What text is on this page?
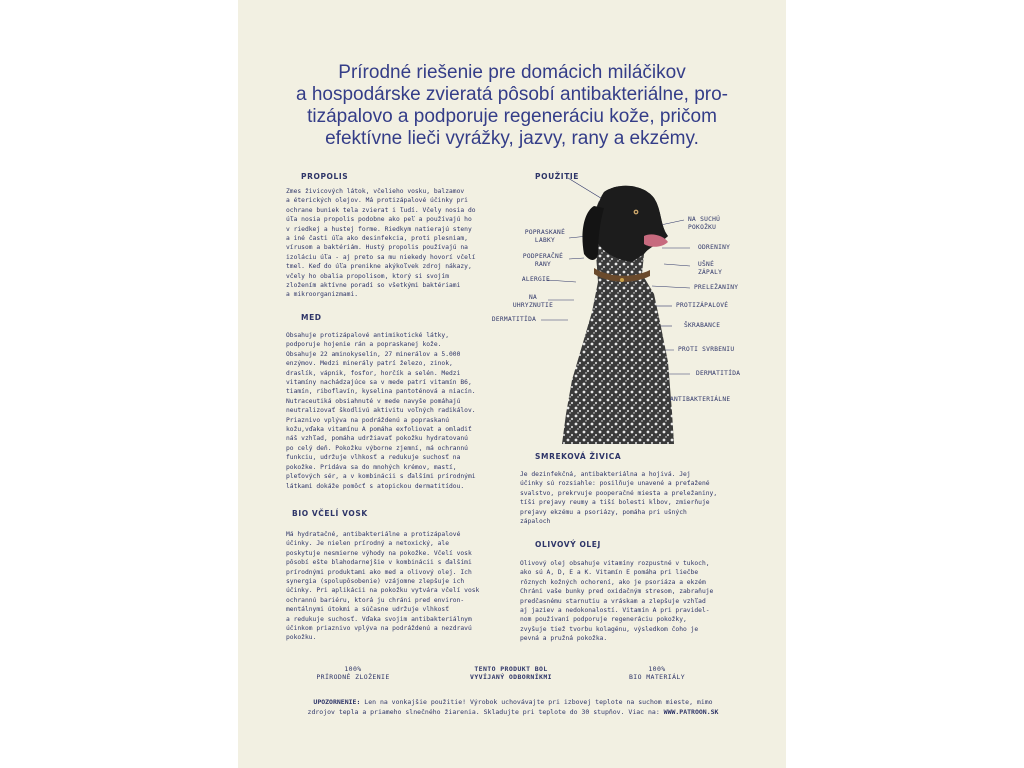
Prírodné riešenie pre domácich miláčikov
a hospodárske zvieratá pôsobí antibakteriálne, pro-
tizápalovo a podporuje regeneráciu kože, pričom
efektívne lieči vyrážky, jazvy, rany a ekzémy.
PROPOLIS
Zmes živicových látok, včelieho vosku, balzamov
a éterických olejov. Má protizápalové účinky pri
ochrane buniek tela zvierat i ľudí. Včely nosia do
úľa nosia propolis podobne ako peľ a používajú ho
v riedkej a hustej forme. Riedkym natierajú steny
a iné časti úľa ako desinfekcia, proti plesniam,
vírusom a baktériám. Hustý propolis používajú na
izoláciu úľa - aj preto sa mu niekedy hovorí včelí
tmel. Keď do úľa prenikne akýkoľvek zdroj nákazy,
včely ho obalia propolisom, ktorý si svojím
zložením aktívne poradí so všetkými baktériami
a mikroorganizmami.
MED
Obsahuje protizápalové antimikotické látky,
podporuje hojenie rán a popraskanej kože.
Obsahuje 22 aminokyselín, 27 minerálov a 5.000
enzýmov. Medzi minerály patrí železo, zinok,
draslík, vápnik, fosfor, horčík a selén. Medzi
vitamíny nachádzajúce sa v mede patrí vitamín B6,
tiamín, riboflavín, kyselina pantoténová a niacín.
Nutraceutiká obsiahnuté v mede navyše pomáhajú
neutralizovať škodlivú aktivitu voľných radikálov.
Priaznivo vplýva na podráždenú a popraskanú
kožu,vďaka vitamínu A pomáha exfoliovat a omladiť
náš vzhľad, pomáha udržiavať pokožku hydratovanú
po celý deň. Pokožku výborne zjemní, má ochrannú
funkciu, udržuje vlhkosť a redukuje suchosť na
pokožke. Pridáva sa do mnohých krémov, mastí,
pleťových sér, a v kombinácii s ďalšími prírodnými
látkami dokáže pomôcť s atopickou dermatitídou.
BIO VČELÍ VOSK
Má hydratačné, antibakteriálne a protizápalové
účinky. Je nielen prírodný a netoxický, ale
poskytuje nesmierne výhody na pokožke. Včelí vosk
pôsobí ešte blahodarnejšie v kombinácii s ďalšími
prírodnými produktami ako med a olivový olej. Ich
synergia (spolupôsobenie) vzájomne zlepšuje ich
účinky. Pri aplikácii na pokožku vytvára včelí vosk
ochrannú bariéru, ktorá ju chráni pred environ-
mentálnymi útokmi a súčasne udržuje vlhkosť
a redukuje suchosť. Vďaka svojim antibakteriálnym
účinkom priaznivo vplýva na podráždenú a nezdravú
pokožku.
SMREKOVÁ ŽIVICA
Je dezinfekčná, antibakteriálna a hojivá. Jej
účinky sú rozsiahle: posilňuje unavené a preťažené
svalstvo, prekrvuje pooperačné miesta a preležaniny,
tíši prejavy reumy a tiší bolesti kĺbov, zmierňuje
prejavy ekzému a psoriázy, pomáha pri ušných
zápaloch
OLIVOVÝ OLEJ
Olivový olej obsahuje vitamíny rozpustné v tukoch,
ako sú A, D, E a K. Vitamín E pomáha pri liečbe
rôznych kožných ochorení, ako je psoriáza a ekzém
Chráni vaše bunky pred oxidačným stresom, zabraňuje
predčasnému starnutiu a vráskam a zlepšuje vzhľad
aj jaziev a nedokonalostí. Vitamín A pri pravidel-
nom používaní podporuje regeneráciu pokožky,
zvyšuje tiež tvorbu kolagénu, výsledkom čoho je
pevná a pružná pokožka.
POUŽITIE
POPRASKANÉ
LABKY
PODPERAČNÉ
RANY
ALERGIE
NA
UHRYZNUTIE
DERMATITÍDA
NA SUCHÚ
POKOŽKU
ODRENINY
UŠNÉ
ZÁPALY
PRELEŽANINY
PROTIZÁPALOVÉ
ŠKRABANCE
PROTI SVRBENIU
DERMATITÍDA
ANTIBAKTERIÁLNE
100%
PRÍRODNÉ ZLOŽENIE
TENTO PRODUKT BOL
VYVÍJANÝ ODBORNÍKMI
100%
BIO MATERIÁLY
UPOZORNENIE: Len na vonkajšie použitie! Výrobok uchovávajte pri izbovej teplote na suchom mieste, mimo
zdrojov tepla a priameho slnečného žiarenia. Skladujte pri teplote do 30 stupňov. Viac na: WWW.PATROON.SK
